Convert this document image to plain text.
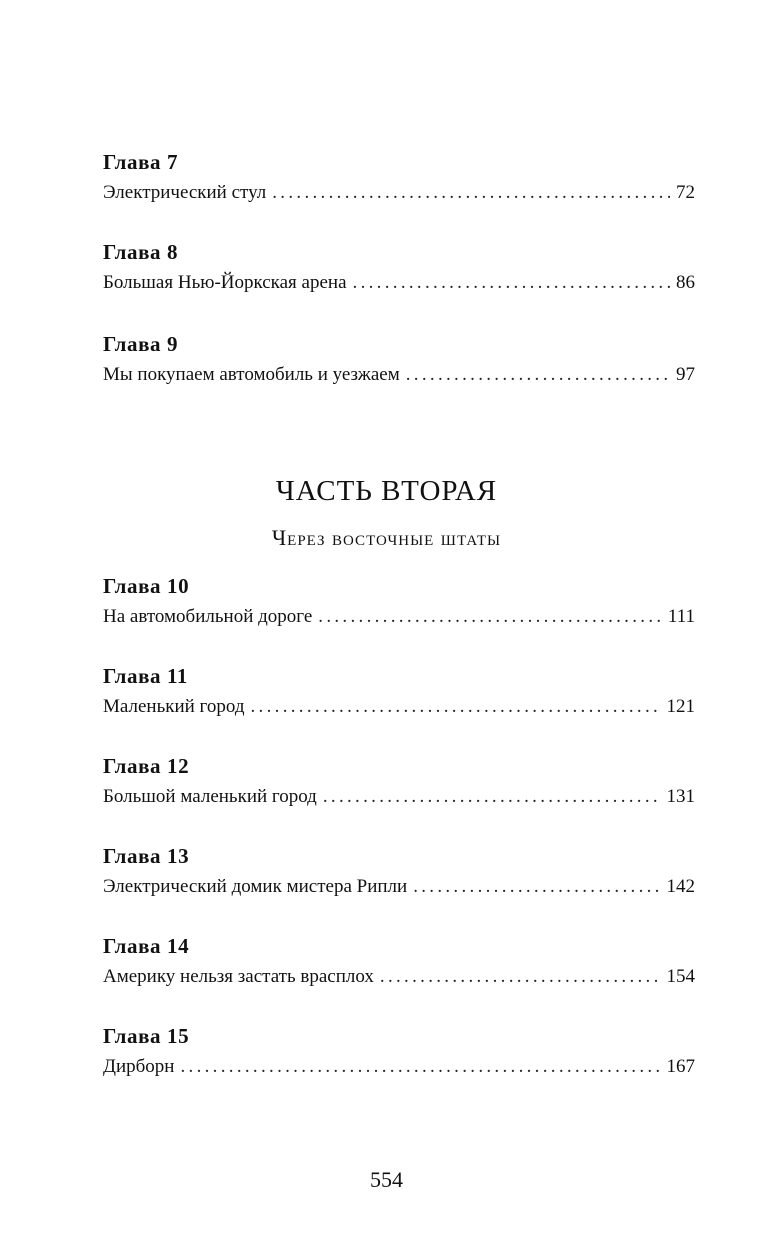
Глава 7
Электрический стул .....	72
Глава 8
Большая Нью-Йоркская арена .....	86
Глава 9
Мы покупаем автомобиль и уезжаем .....	97
ЧАСТЬ ВТОРАЯ
Через восточные штаты
Глава 10
На автомобильной дороге .....	111
Глава 11
Маленький город .....	121
Глава 12
Большой маленький город .....	131
Глава 13
Электрический домик мистера Рипли .....	142
Глава 14
Америку нельзя застать врасплох .....	154
Глава 15
Дирборн .....	167
554
